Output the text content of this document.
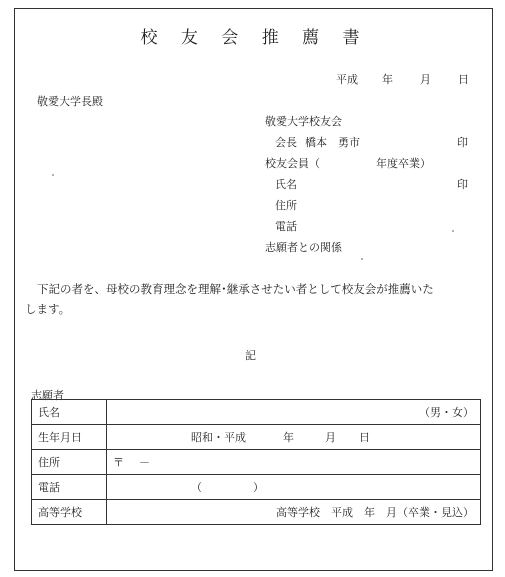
校 友 会 推 薦 書
平成 年 月 日
敬愛大学長殿
敬愛大学校友会
会長 橋本　勇市	印
校友会員（	年度卒業）
氏名	印
住所
電話
志願者との関係
下記の者を、母校の教育理念を理解･継承させたい者として校友会が推薦いた
します。
記
志願者
氏名	（男・女）
生年月日	昭和・平成 年 月 日
住所	〒 －
電話	（ ）
高等学校	高等学校　平成　年　月（卒業・見込）
